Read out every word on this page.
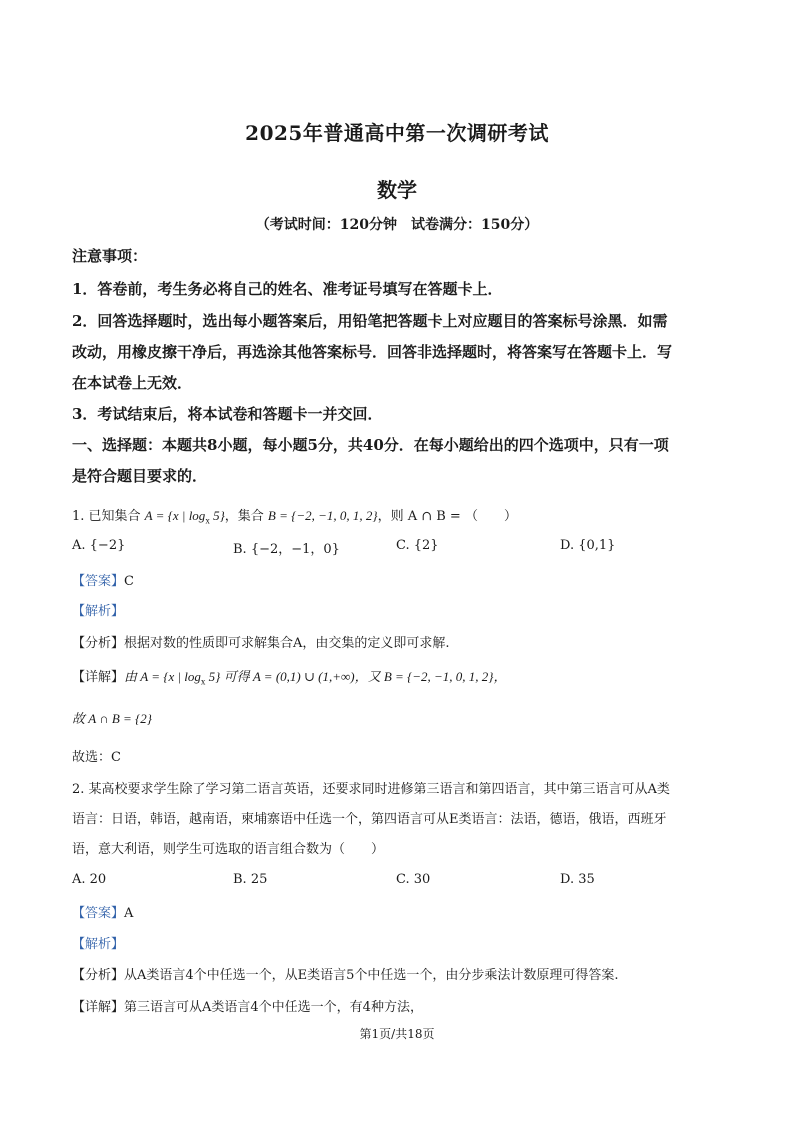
2025年普通高中第一次调研考试
数学
（考试时间：120分钟　试卷满分：150分）
注意事项：
1．答卷前，考生务必将自己的姓名、准考证号填写在答题卡上．
2．回答选择题时，选出每小题答案后，用铅笔把答题卡上对应题目的答案标号涂黑．如需
改动，用橡皮擦干净后，再选涂其他答案标号．回答非选择题时，将答案写在答题卡上．写
在本试卷上无效．
3．考试结束后，将本试卷和答题卡一并交回．
一、选择题：本题共8小题，每小题5分，共40分．在每小题给出的四个选项中，只有一项
是符合题目要求的．
1. 已知集合 A = {x | $\log_x 5$}，集合 B = {−2, −1, 0, 1, 2}，则 A ∩ B = （　　）
A. {−2}	B. {−2，−1，0}	C. {2}	D. {0,1}
【答案】C
【解析】
【分析】根据对数的性质即可求解集合A，由交集的定义即可求解.
【详解】由 A = {x | $\log_x 5$} 可得 A = (0,1) ∪ (1,+∞)，又 B = {−2, −1, 0, 1, 2}，
故 A ∩ B = {2}
故选：C
2. 某高校要求学生除了学习第二语言英语，还要求同时进修第三语言和第四语言，其中第三语言可从A类
语言：日语，韩语，越南语，柬埔寨语中任选一个，第四语言可从E类语言：法语，德语，俄语，西班牙
语，意大利语，则学生可选取的语言组合数为（　　）
A. 20	B. 25	C. 30	D. 35
【答案】A
【解析】
【分析】从A类语言4个中任选一个，从E类语言5个中任选一个，由分步乘法计数原理可得答案.
【详解】第三语言可从A类语言4个中任选一个，有4种方法，
第1页/共18页
